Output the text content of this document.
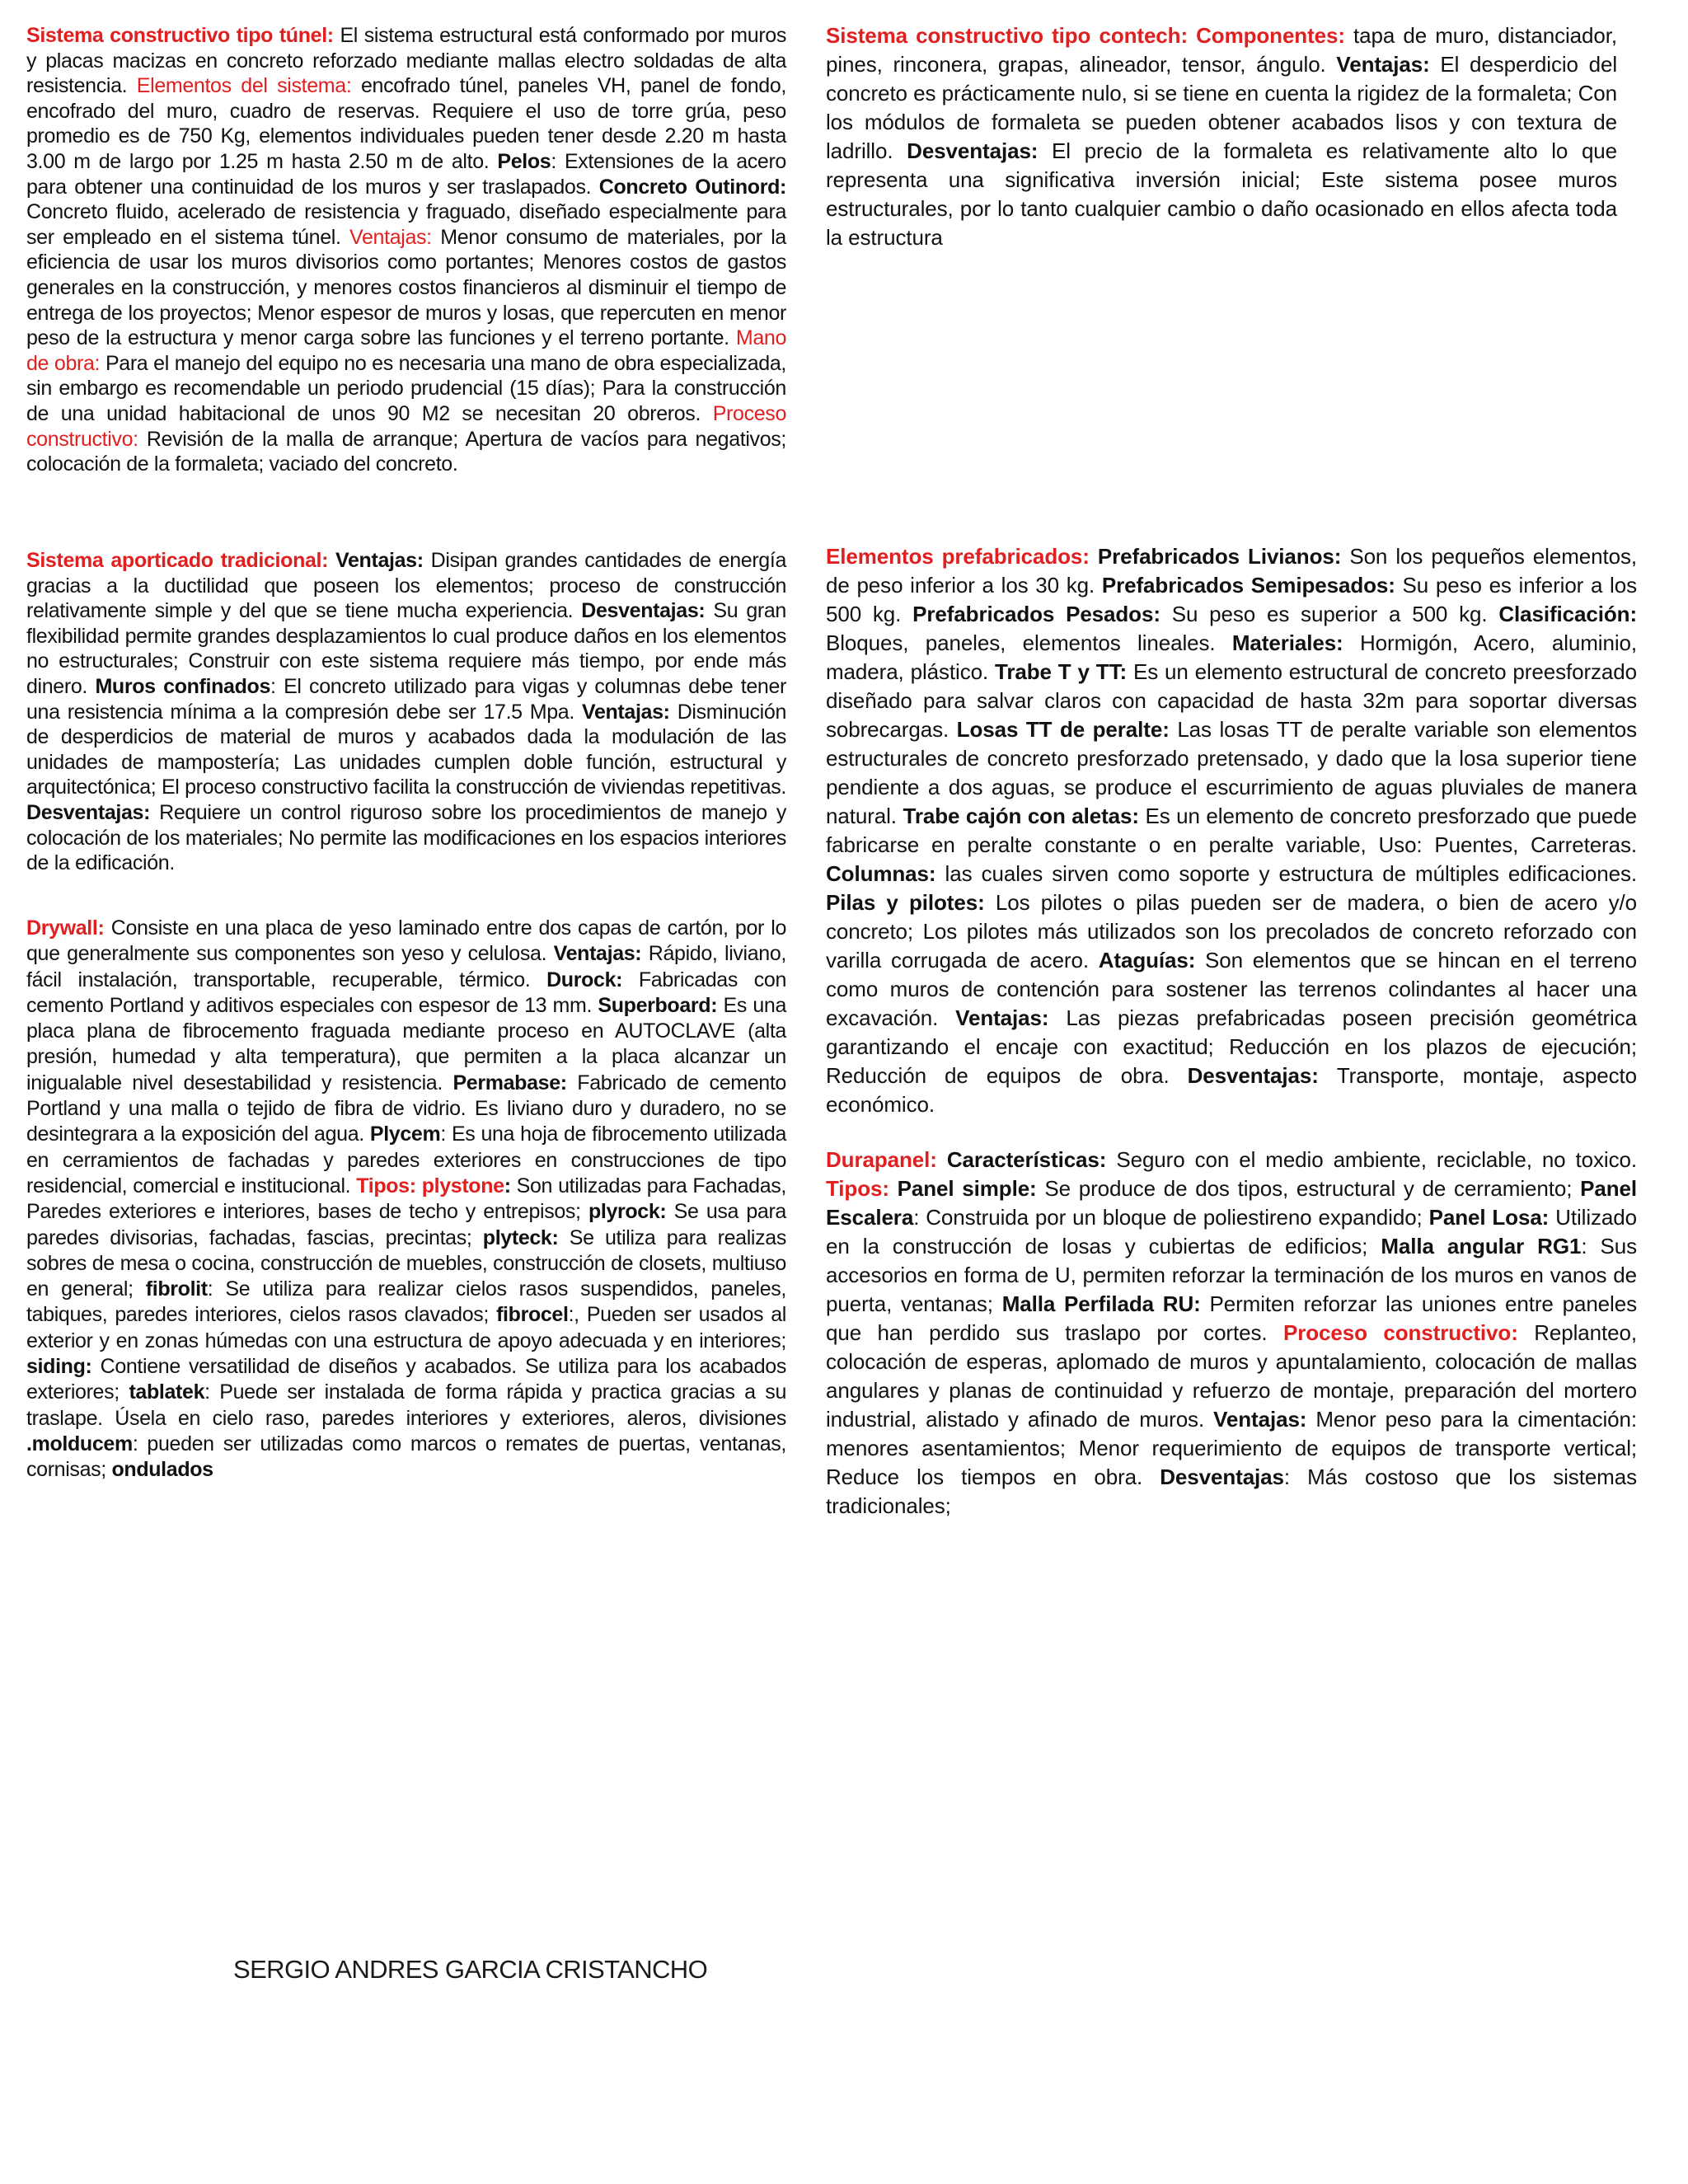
Sistema constructivo tipo túnel: El sistema estructural está conformado por muros y placas macizas en concreto reforzado mediante mallas electro soldadas de alta resistencia. Elementos del sistema: encofrado túnel, paneles VH, panel de fondo, encofrado del muro, cuadro de reservas. Requiere el uso de torre grúa, peso promedio es de 750 Kg, elementos individuales pueden tener desde 2.20 m hasta 3.00 m de largo por 1.25 m hasta 2.50 m de alto. Pelos: Extensiones de la acero para obtener una continuidad de los muros y ser traslapados. Concreto Outinord: Concreto fluido, acelerado de resistencia y fraguado, diseñado especialmente para ser empleado en el sistema túnel. Ventajas: Menor consumo de materiales, por la eficiencia de usar los muros divisorios como portantes; Menores costos de gastos generales en la construcción, y menores costos financieros al disminuir el tiempo de entrega de los proyectos; Menor espesor de muros y losas, que repercuten en menor peso de la estructura y menor carga sobre las funciones y el terreno portante. Mano de obra: Para el manejo del equipo no es necesaria una mano de obra especializada, sin embargo es recomendable un periodo prudencial (15 días); Para la construcción de una unidad habitacional de unos 90 M2 se necesitan 20 obreros. Proceso constructivo: Revisión de la malla de arranque; Apertura de vacíos para negativos; colocación de la formaleta; vaciado del concreto.
Sistema aporticado tradicional: Ventajas: Disipan grandes cantidades de energía gracias a la ductilidad que poseen los elementos; proceso de construcción relativamente simple y del que se tiene mucha experiencia. Desventajas: Su gran flexibilidad permite grandes desplazamientos lo cual produce daños en los elementos no estructurales; Construir con este sistema requiere más tiempo, por ende más dinero. Muros confinados: El concreto utilizado para vigas y columnas debe tener una resistencia mínima a la compresión debe ser 17.5 Mpa. Ventajas: Disminución de desperdicios de material de muros y acabados dada la modulación de las unidades de mampostería; Las unidades cumplen doble función, estructural y arquitectónica; El proceso constructivo facilita la construcción de viviendas repetitivas. Desventajas: Requiere un control riguroso sobre los procedimientos de manejo y colocación de los materiales; No permite las modificaciones en los espacios interiores de la edificación.
Drywall: Consiste en una placa de yeso laminado entre dos capas de cartón, por lo que generalmente sus componentes son yeso y celulosa. Ventajas: Rápido, liviano, fácil instalación, transportable, recuperable, térmico. Durock: Fabricadas con cemento Portland y aditivos especiales con espesor de 13 mm. Superboard: Es una placa plana de fibrocemento fraguada mediante proceso en AUTOCLAVE (alta presión, humedad y alta temperatura), que permiten a la placa alcanzar un inigualable nivel desestabilidad y resistencia. Permabase: Fabricado de cemento Portland y una malla o tejido de fibra de vidrio. Es liviano duro y duradero, no se desintegrara a la exposición del agua. Plycem: Es una hoja de fibrocemento utilizada en cerramientos de fachadas y paredes exteriores en construcciones de tipo residencial, comercial e institucional. Tipos: plystone: Son utilizadas para Fachadas, Paredes exteriores e interiores, bases de techo y entrepisos; plyrock: Se usa para paredes divisorias, fachadas, fascias, precintas; plyteck: Se utiliza para realizas sobres de mesa o cocina, construcción de muebles, construcción de closets, multiuso en general; fibrolit: Se utiliza para realizar cielos rasos suspendidos, paneles, tabiques, paredes interiores, cielos rasos clavados; fibrocel:, Pueden ser usados al exterior y en zonas húmedas con una estructura de apoyo adecuada y en interiores; siding: Contiene versatilidad de diseños y acabados. Se utiliza para los acabados exteriores; tablatek: Puede ser instalada de forma rápida y practica gracias a su traslape. Úsela en cielo raso, paredes interiores y exteriores, aleros, divisiones .molducem: pueden ser utilizadas como marcos o remates de puertas, ventanas, cornisas; ondulados
Sistema constructivo tipo contech: Componentes: tapa de muro, distanciador, pines, rinconera, grapas, alineador, tensor, ángulo. Ventajas: El desperdicio del concreto es prácticamente nulo, si se tiene en cuenta la rigidez de la formaleta; Con los módulos de formaleta se pueden obtener acabados lisos y con textura de ladrillo. Desventajas: El precio de la formaleta es relativamente alto lo que representa una significativa inversión inicial; Este sistema posee muros estructurales, por lo tanto cualquier cambio o daño ocasionado en ellos afecta toda la estructura
Elementos prefabricados: Prefabricados Livianos: Son los pequeños elementos, de peso inferior a los 30 kg. Prefabricados Semipesados: Su peso es inferior a los 500 kg. Prefabricados Pesados: Su peso es superior a 500 kg. Clasificación: Bloques, paneles, elementos lineales. Materiales: Hormigón, Acero, aluminio, madera, plástico. Trabe T y TT: Es un elemento estructural de concreto preesforzado diseñado para salvar claros con capacidad de hasta 32m para soportar diversas sobrecargas. Losas TT de peralte: Las losas TT de peralte variable son elementos estructurales de concreto presforzado pretensado, y dado que la losa superior tiene pendiente a dos aguas, se produce el escurrimiento de aguas pluviales de manera natural. Trabe cajón con aletas: Es un elemento de concreto presforzado que puede fabricarse en peralte constante o en peralte variable, Uso: Puentes, Carreteras. Columnas: las cuales sirven como soporte y estructura de múltiples edificaciones. Pilas y pilotes: Los pilotes o pilas pueden ser de madera, o bien de acero y/o concreto; Los pilotes más utilizados son los precolados de concreto reforzado con varilla corrugada de acero. Ataguías: Son elementos que se hincan en el terreno como muros de contención para sostener las terrenos colindantes al hacer una excavación. Ventajas: Las piezas prefabricadas poseen precisión geométrica garantizando el encaje con exactitud; Reducción en los plazos de ejecución; Reducción de equipos de obra. Desventajas: Transporte, montaje, aspecto económico.
Durapanel: Características: Seguro con el medio ambiente, reciclable, no toxico. Tipos: Panel simple: Se produce de dos tipos, estructural y de cerramiento; Panel Escalera: Construida por un bloque de poliestireno expandido; Panel Losa: Utilizado en la construcción de losas y cubiertas de edificios; Malla angular RG1: Sus accesorios en forma de U, permiten reforzar la terminación de los muros en vanos de puerta, ventanas; Malla Perfilada RU: Permiten reforzar las uniones entre paneles que han perdido sus traslapo por cortes. Proceso constructivo: Replanteo, colocación de esperas, aplomado de muros y apuntalamiento, colocación de mallas angulares y planas de continuidad y refuerzo de montaje, preparación del mortero industrial, alistado y afinado de muros. Ventajas: Menor peso para la cimentación: menores asentamientos; Menor requerimiento de equipos de transporte vertical; Reduce los tiempos en obra. Desventajas: Más costoso que los sistemas tradicionales;
SERGIO ANDRES GARCIA CRISTANCHO
